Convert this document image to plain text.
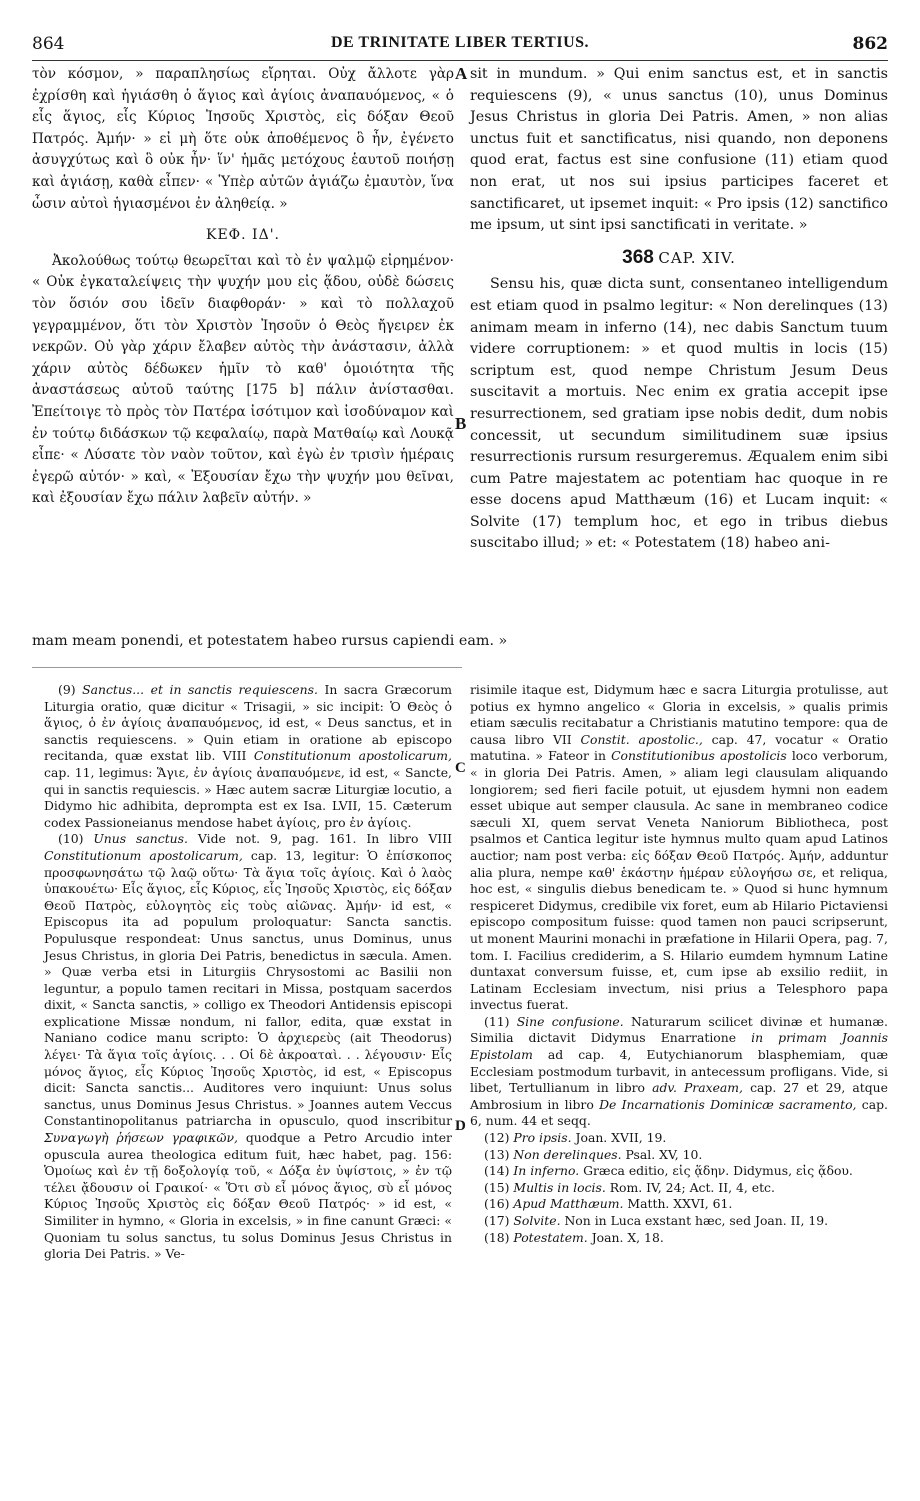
864	DE TRINITATE LIBER TERTIUS.	862

τὸν κόσμον, » παραπλησίως εἴρηται. Οὐχ ἄλλοτε γὰρ ἐχρίσθη καὶ ἡγιάσθη ὁ ἅγιος καὶ ἁγίοις ἀναπαυόμενος, « ὁ εἷς ἅγιος, εἷς Κύριος Ἰησοῦς Χριστὸς, εἰς δόξαν Θεοῦ Πατρός. Ἀμήν· » εἰ μὴ ὅτε οὐκ ἀποθέμενος ὃ ἦν, ἐγένετο ἀσυγχύτως καὶ ὃ οὐκ ἦν· ἵν' ἡμᾶς μετόχους ἑαυτοῦ ποιήσῃ καὶ ἁγιάσῃ, καθὰ εἶπεν· « Ὑπὲρ αὐτῶν ἁγιάζω ἐμαυτὸν, ἵνα ὦσιν αὐτοὶ ἡγιασμένοι ἐν ἀληθείᾳ. »

ΚΕΦ. ΙΔ'.

Ἀκολούθως τούτῳ θεωρεῖται καὶ τὸ ἐν ψαλμῷ εἰρημένον· « Οὐκ ἐγκαταλείψεις τὴν ψυχήν μου εἰς ᾅδου, οὐδὲ δώσεις τὸν ὅσιόν σου ἰδεῖν διαφθοράν· » καὶ τὸ πολλαχοῦ γεγραμμένον, ὅτι τὸν Χριστὸν Ἰησοῦν ὁ Θεὸς ἤγειρεν ἐκ νεκρῶν. Οὐ γὰρ χάριν ἔλαβεν αὐτὸς τὴν ἀνάστασιν, ἀλλὰ χάριν αὐτὸς δέδωκεν ἡμῖν τὸ καθ' ὁμοιότητα τῆς ἀναστάσεως αὐτοῦ ταύτης [175 b] πάλιν ἀνίστασθαι. Ἐπείτοιγε τὸ πρὸς τὸν Πατέρα ἰσότιμον καὶ ἰσοδύναμον καὶ ἐν τούτῳ διδάσκων τῷ κεφαλαίῳ, παρὰ Ματθαίῳ καὶ Λουκᾷ εἶπε· « Λύσατε τὸν ναὸν τοῦτον, καὶ ἐγὼ ἐν τρισὶν ἡμέραις ἐγερῶ αὐτόν· » καὶ, « Ἐξουσίαν ἔχω τὴν ψυχήν μου θεῖναι, καὶ ἐξουσίαν ἔχω πάλιν λαβεῖν αὐτήν. »

sit in mundum. » Qui enim sanctus est, et in sanctis requiescens (9), « unus sanctus (10), unus Dominus Jesus Christus in gloria Dei Patris. Amen, » non alias unctus fuit et sanctificatus, nisi quando, non deponens quod erat, factus est sine confusione (11) etiam quod non erat, ut nos sui ipsius participes faceret et sanctificaret, ut ipsemet inquit: « Pro ipsis (12) sanctifico me ipsum, ut sint ipsi sanctificati in veritate. »

368 CAP. XIV.

Sensu his, quæ dicta sunt, consentaneo intelligendum est etiam quod in psalmo legitur: « Non derelinques (13) animam meam in inferno (14), nec dabis Sanctum tuum videre corruptionem: » et quod multis in locis (15) scriptum est, quod nempe Christum Jesum Deus suscitavit a mortuis. Nec enim ex gratia accepit ipse resurrectionem, sed gratiam ipse nobis dedit, dum nobis concessit, ut secundum similitudinem suæ ipsius resurrectionis rursum resurgeremus. Æqualem enim sibi cum Patre majestatem ac potentiam hac quoque in re esse docens apud Matthæum (16) et Lucam inquit: « Solvite (17) templum hoc, et ego in tribus diebus suscitabo illud; » et: « Potestatem (18) habeo ani-

A
B
mam meam ponendi, et potestatem habeo rursus capiendi eam. »

(9) Sanctus... et in sanctis requiescens. In sacra Græcorum Liturgia oratio, quæ dicitur « Trisagii, » sic incipit: Ὁ Θεὸς ὁ ἅγιος, ὁ ἐν ἁγίοις ἀναπαυόμενος, id est, « Deus sanctus, et in sanctis requiescens. » Quin etiam in oratione ab episcopo recitanda, quæ exstat lib. VIII Constitutionum apostolicarum, cap. 11, legimus: Ἅγιε, ἐν ἁγίοις ἀναπαυόμενε, id est, « Sancte, qui in sanctis requiescis. » Hæc autem sacræ Liturgiæ locutio, a Didymo hic adhibita, deprompta est ex Isa. LVII, 15. Cæterum codex Passioneianus mendose habet ἁγίοις, pro ἐν ἁγίοις.

(10) Unus sanctus. Vide not. 9, pag. 161. In libro VIII Constitutionum apostolicarum, cap. 13, legitur: Ὁ ἐπίσκοπος προσφωνησάτω τῷ λαῷ οὕτω· Τὰ ἅγια τοῖς ἁγίοις. Καὶ ὁ λαὸς ὑπακουέτω· Εἷς ἅγιος, εἷς Κύριος, εἷς Ἰησοῦς Χριστὸς, εἰς δόξαν Θεοῦ Πατρὸς, εὐλογητὸς εἰς τοὺς αἰῶνας. Ἀμήν· id est, « Episcopus ita ad populum proloquatur: Sancta sanctis. Populusque respondeat: Unus sanctus, unus Dominus, unus Jesus Christus, in gloria Dei Patris, benedictus in sæcula. Amen. » Quæ verba etsi in Liturgiis Chrysostomi ac Basilii non leguntur, a populo tamen recitari in Missa, postquam sacerdos dixit, « Sancta sanctis, » colligo ex Theodori Antidensis episcopi explicatione Missæ nondum, ni fallor, edita, quæ exstat in Naniano codice manu scripto: Ὁ ἀρχιερεὺς (ait Theodorus) λέγει· Τὰ ἅγια τοῖς ἁγίοις. . . Οἱ δὲ ἀκροαταὶ. . . λέγουσιν· Εἷς μόνος ἅγιος, εἷς Κύριος Ἰησοῦς Χριστὸς, id est, « Episcopus dicit: Sancta sanctis... Auditores vero inquiunt: Unus solus sanctus, unus Dominus Jesus Christus. » Joannes autem Veccus Constantinopolitanus patriarcha in opusculo, quod inscribitur Συναγωγὴ ῥήσεων γραφικῶν, quodque a Petro Arcudio inter opuscula aurea theologica editum fuit, hæc habet, pag. 156: Ὁμοίως καὶ ἐν τῇ δοξολογίᾳ τοῦ, « Δόξα ἐν ὑψίστοις, » ἐν τῷ τέλει ᾄδουσιν οἱ Γραικοί· « Ὅτι σὺ εἶ μόνος ἅγιος, σὺ εἶ μόνος Κύριος Ἰησοῦς Χριστὸς εἰς δόξαν Θεοῦ Πατρός· » id est, « Similiter in hymno, « Gloria in excelsis, » in fine canunt Græci: « Quoniam tu solus sanctus, tu solus Dominus Jesus Christus in gloria Dei Patris. » Ve-

C
D

risimile itaque est, Didymum hæc e sacra Liturgia protulisse, aut potius ex hymno angelico « Gloria in excelsis, » qualis primis etiam sæculis recitabatur a Christianis matutino tempore: qua de causa libro VII Constit. apostolic., cap. 47, vocatur « Oratio matutina. » Fateor in Constitutionibus apostolicis loco verborum, « in gloria Dei Patris. Amen, » aliam legi clausulam aliquando longiorem; sed fieri facile potuit, ut ejusdem hymni non eadem esset ubique aut semper clausula. Ac sane in membraneo codice sæculi XI, quem servat Veneta Naniorum Bibliotheca, post psalmos et Cantica legitur iste hymnus multo quam apud Latinos auctior; nam post verba: εἰς δόξαν Θεοῦ Πατρός. Ἀμήν, adduntur alia plura, nempe καθ' ἑκάστην ἡμέραν εὐλογήσω σε, et reliqua, hoc est, « singulis diebus benedicam te. » Quod si hunc hymnum respiceret Didymus, credibile vix foret, eum ab Hilario Pictaviensi episcopo compositum fuisse: quod tamen non pauci scripserunt, ut monent Maurini monachi in præfatione in Hilarii Opera, pag. 7, tom. I. Facilius crediderim, a S. Hilario eumdem hymnum Latine duntaxat conversum fuisse, et, cum ipse ab exsilio rediit, in Latinam Ecclesiam invectum, nisi prius a Telesphoro papa invectus fuerat.

(11) Sine confusione. Naturarum scilicet divinæ et humanæ. Similia dictavit Didymus Enarratione in primam Joannis Epistolam ad cap. 4, Eutychianorum blasphemiam, quæ Ecclesiam postmodum turbavit, in antecessum profligans. Vide, si libet, Tertullianum in libro adv. Praxeam, cap. 27 et 29, atque Ambrosium in libro De Incarnationis Dominicæ sacramento, cap. 6, num. 44 et seqq.

(12) Pro ipsis. Joan. XVII, 19.

(13) Non derelinques. Psal. XV, 10.

(14) In inferno. Græca editio, εἰς ᾅδην. Didymus, εἰς ᾅδου.

(15) Multis in locis. Rom. IV, 24; Act. II, 4, etc.

(16) Apud Matthæum. Matth. XXVI, 61.

(17) Solvite. Non in Luca exstant hæc, sed Joan. II, 19.

(18) Potestatem. Joan. X, 18.
